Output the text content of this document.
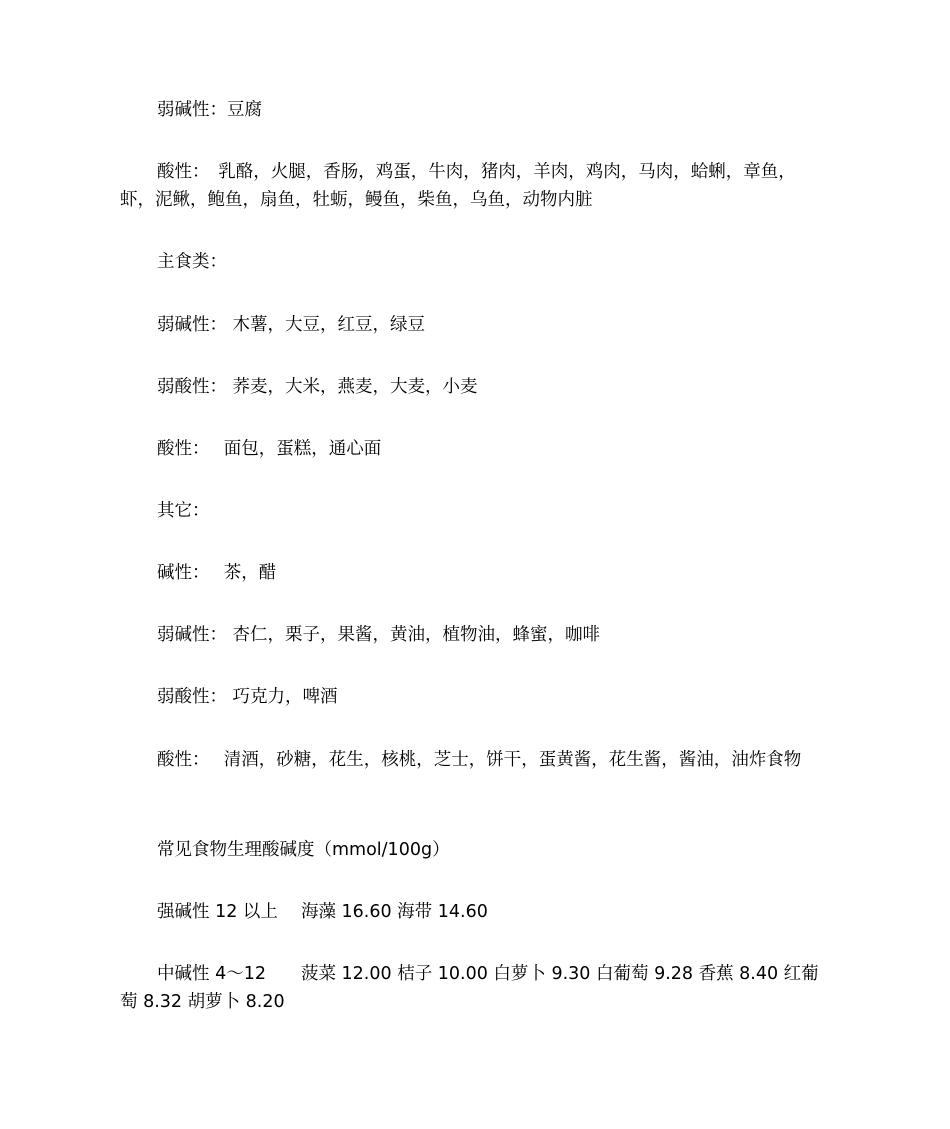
弱碱性：豆腐

酸性：　乳酪，火腿，香肠，鸡蛋，牛肉，猪肉，羊肉，鸡肉，马肉，蛤蜊，章鱼，虾，泥鳅，鲍鱼，扇鱼，牡蛎，鳗鱼，柴鱼，乌鱼，动物内脏

主食类：

弱碱性： 木薯，大豆，红豆，绿豆

弱酸性： 荞麦，大米，燕麦，大麦，小麦

酸性：　 面包，蛋糕，通心面

其它：

碱性：　 茶，醋

弱碱性： 杏仁，栗子，果酱，黄油，植物油，蜂蜜，咖啡

弱酸性： 巧克力，啤酒

酸性：　 清酒，砂糖，花生，核桃，芝士，饼干，蛋黄酱，花生酱，酱油，油炸食物

常见食物生理酸碱度（mmol/100g）

强碱性 12 以上　 海藻 16.60 海带 14.60

中碱性 4～12　　菠菜 12.00 桔子 10.00 白萝卜 9.30 白葡萄 9.28 香蕉 8.40 红葡萄 8.32 胡萝卜 8.20
